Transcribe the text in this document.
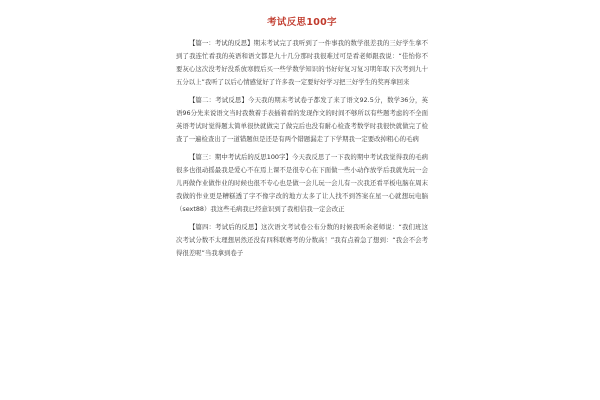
考试反思100字

【篇一：考试的反思】期末考试完了我听到了一件事我的数学很差我的三好学生拿不到了我连忙看我的英语和语文都是九十几分那时我很难过可是看老师跟我说：“佳怡你不要灰心这次没考好没系放寒假后买一些学数学知识的书好好复习复习明年取下次考到九十五分以上”我听了以后心情感觉好了许多我一定要好好学习把三好学生的奖再拿回来

【篇二：考试反思】今天我的期末考试卷子都发了来了语文92.5分，数学36分，英语96分先来说语文当时我数着手表插着看的发现作文的时间不够所以有些题考虑的不全面英语考试时觉得题太简单很快就做完了做完后也没有耐心检查考数学时我很快就做完了检查了一遍检查出了一道错题但是还是有两个错题漏走了下学期我一定要改掉粗心的毛病

【篇三：期中考试后的反思100字】今天我反思了一下我的期中考试我觉得我的毛病很多也很动摇最我是爱心不在焉上课不是很专心在下面做一些小动作放学后我就先玩一会儿再做作业做作业的时候也很不专心也是做一会儿玩一会儿有一次我还看平板电脑在周末我做的作业更是糟糕透了字不像字改的地方太多了让人找不到答案在星一心就想玩电脑（sext88）我这些毛病我已经意识到了我相信我一定会改正

【篇四：考试后的反思】这次语文考试卷公布分数的时候我听余老师说：“我们班这次考试分数不太理想居然还没有四科联赛考的分数高！”我有点着急了想到：“我会不会考得很差呢”当我拿到卷子
